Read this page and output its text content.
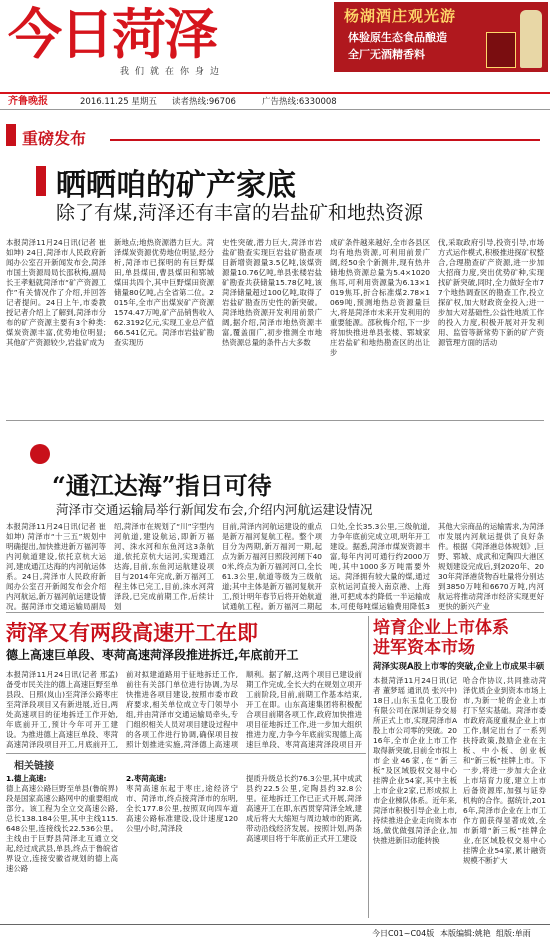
今日菏泽
我们就在你身边
杨湖酒庄观光游
体验原生态食品酿造
全厂无酒精香料
齐鲁晚报	2016.11.25 星期五 读者热线:96706	广告热线:6330008
重磅发布
晒晒咱的矿产家底
除了有煤,菏泽还有丰富的岩盐矿和地热资源
本报菏泽11月24日讯(记者 崔如坤) 24日,菏泽市人民政府新闻办公室召开新闻发布会,菏泽市国土资源局局长邵秋梅,副局长王孝魁就菏泽市“矿产资源工作”有关情况作了介绍,并回答记者提问。24日上午,市委教授记者介绍上了解到,菏泽市分布的矿产资源主要有3个种类:煤炭资源丰富,优势地位明显;其他矿产资源较少,岩盐矿成为
新地点;地热资源潜力巨大。菏泽煤炭资源优势地位明显,经分析,菏泽市已探明的有巨野煤田,单县煤田,曹县煤田和郓城煤田共四个,其中巨野煤田资源储量80亿吨,占全省第二位。2015年,全市产出煤炭矿产资源1574.47万吨,矿产品销售收入62.3192亿元,实现工业总产值66.541亿元。菏泽市岩盐矿勘查实现历
史性突破,潜力巨大,菏泽市岩盐矿勘查实现巨岩盐矿勘查项目新增资源量3.5亿吨,该煤资源量10.76亿吨,单县张楼岩盐矿勘查共获储量15.78亿吨,该菏泽储量超过100亿吨,取得了岩盐矿勘查历史性的新突破。菏泽地热资源开发利用前景广阔,据介绍,菏泽市地热资源丰富,覆盖面广,初步推测全市地热资源总量的条件占大多数
成矿条件越来越好,全市各县区均有地热资源,可利用前景广阔,经50余个新测井,现有热井储地热资源总量为5.4×1020焦耳,可利用资源量为6.13×1019焦耳,折合标准煤2.78×1069吨,预测地热总资源量巨大,将是菏泽市未来开发利用的重要能源。邵秋梅介绍,下一步将加快推进单县张楼、郓城家庄岩盐矿和地热勘查区的出让步
伐,采取政府引导,投资引导,市场方式运作模式,积极推进探矿权整合,合理勘查矿产资源,进一步加大招商力度,突出优势矿种,实现找矿新突破,同时,全力做好全市77个地热调查区的勘查工作,投立探矿权,加大财政资金投入;进一步加大对基础性,公益性地质工作的投入力度,积极开展对开发利用、监管等新常势下新的矿产资源管理方面的活动
“通江达海”指日可待
菏泽市交通运输局举行新闻发布会,介绍内河航运建设情况
本报菏泽11月24日讯(记者 崔如坤) 菏泽市“十三五”规划中明确提出,加快推进新万福河等内河航道建设,依托京杭大运河,建成通江达海的内河航运体系。24日,菏泽市人民政府新闻办公室召开新闻发布会介绍内河航运,新万福河航运建设情况。据菏泽市交通运输局副局
绍,菏泽市在规划了“川”字型内河航道,建设航运,即新万福河、洙水河和东鱼河这3条航道,依托京杭大运河,实现通江达海,目前,东鱼河运航建设项目与2014年完成,新万福河工程主体已完工,目前,洙水河菏泽段,已完成前期工作,后续计划
目前,菏泽内河航运建设的重点是新万福河复航工程。整个项目分为两期,新万福河一期,起点为新万福河日照段河闸下400米,终点为新万福河河口,全长61.3公里,航道等级为三级航道;其中主体是新万福河复航开工,预计明年春节后将开始航道试通航工程。新万福河二期起
口处,全长35.3公里,三级航道,力争年底前完成立项,明年开工建设。据悉,菏泽市煤炭资源丰富,每年内河可通行约2000万吨,其中1000多万吨需要外运。菏泽拥有较大量的煤,通过京杭运河直接入南京港、上海港,可把成本约降低一半运输成本,可使每吨煤运输费用降低3
其他大宗商品的运输需求,为菏泽市发展内河航运提供了良好条件。根据《菏泽港总体规划》,巨野、郓城、成武和定陶四大港区规划建设完成后,到2020年、2030年菏泽港货物吞吐量将分别达到3850万吨和6670万吨,内河航运将推动菏泽市经济实现更好更快的新兴产业
菏泽又有两段高速开工在即
德上高速巨单段、枣菏高速菏泽段推进拆迁,年底前开工
本报菏泽11月24日讯(记者 邢孟) 备受市民关注的德上高速巨野至单县段、日照(岚山)至菏泽公路枣庄至菏泽段项目又有新进展,近日,两处高速项目的征地拆迁工作开始,年底前开工,预计今年可开工建设。为推进德上高速巨单段、枣菏高速菏泽段项目开工,月底前开工,
前对拟建道路用于征地拆迁工作,前往有关部门单位进行协调,为尽快推进各项目建设,按照市委市政府要求,相关单位成立专门领导小组,并由菏泽市交通运输局牵头,专门组织相关人员对项目建设过程中的各项工作进行协调,确保项目按照计划推进实施,菏泽德上高速项
顺利。据了解,这两个项目已建设前期工作完成,全长大约在规划立项开工前阶段,目前,前期工作基本结束,开工在即。山东高速集团将积极配合项目前期各项工作,政府加快推进项目征地拆迁工作,进一步加大组织推进力度,力争今年底前实现德上高速巨单段、枣菏高速菏泽段项目开
相关链接
1.德上高速:
德上高速公路巨野至单县(鲁皖界)段是国家高速公路网中的重要组成部分。该工程为全立交高速公路,总长138.184公里,其中主线115.648公里,连接线长22.536公里。主线由于巨野县菏泽北互通立交起,经过成武县,单县,终点于鲁皖省界设立,连接安徽省规划的德上高速公路
2.枣菏高速:
枣菏高速东起于枣庄,途经济宁市、菏泽市,终点接菏泽市的东明,全长177.8公里,按照双向四车道高速公路标准建设,设计速度120公里/小时,菏泽段
提质升级总长约76.3公里,其中成武县约22.5公里,定陶县约32.8公里。征地拆迁工作已正式开展,菏泽高速开工在即,东西贯穿菏泽全域,建成后将大大缩短与周边城市的距离,带动沿线经济发展。按照计划,两条高速项目将于年底前正式开工建设
培育企业上市体系
进军资本市场
菏泽实现A股上市零的突破,企业上市成果丰硕
本报菏泽11月24日讯(记者 董梦瑶 通讯员 张兴中) 18日,山东玉皇化工股份有限公司在深圳证券交易所正式上市,实现菏泽市A股上市公司零的突破。2016年,全市企业上市工作取得新突破,目前全市拟上市企业46家,在“新三板”及区域股权交易中心挂牌企业54家,其中主板上市企业2家,已形成拟上市企业梯队体系。近年来,菏泽市积极引导企业上市,持续推进企业走向资本市场,做优做强菏泽企业,加快推进新旧动能转换
哈合作协议,共同推动菏泽优质企业到资本市场上市,为新一轮的企业上市打下坚实基础。菏泽市委市政府高度重视企业上市工作,制定出台了一系列扶持政策,鼓励企业在主板、中小板、创业板和“新三板”挂牌上市。下一步,将进一步加大企业上市培育力度,建立上市后备资源库,加强与证券机构的合作。据统计,2016年,菏泽市企业在上市工作方面获得显著成效,全市新增“新三板”挂牌企业,在区域股权交易中心挂牌企业54家,累计融资规模不断扩大
今日C01~C04版 本版编辑:姚艳 组版:单雨
